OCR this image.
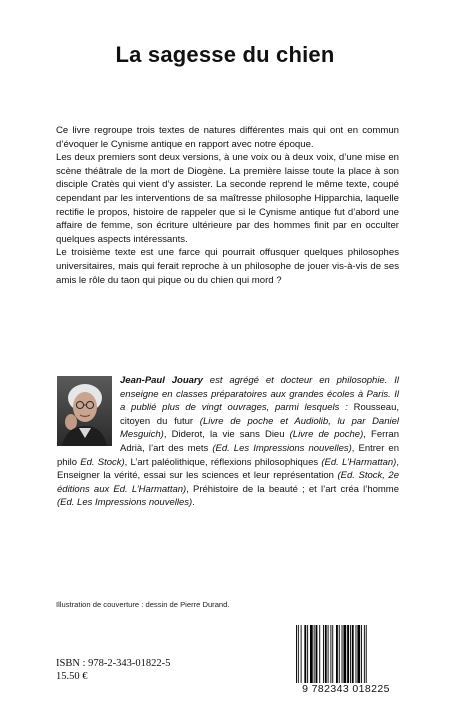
La sagesse du chien

Ce livre regroupe trois textes de natures différentes mais qui ont en commun d’évoquer le Cynisme antique en rapport avec notre époque.

Les deux premiers sont deux versions, à une voix ou à deux voix, d’une mise en scène théâtrale de la mort de Diogène. La première laisse toute la place à son disciple Cratès qui vient d’y assister. La seconde reprend le même texte, coupé cependant par les interventions de sa maîtresse philosophe Hipparchia, laquelle rectifie le propos, histoire de rappeler que si le Cynisme antique fut d’abord une affaire de femme, son écriture ultérieure par des hommes finit par en occulter quelques aspects intéressants.

Le troisième texte est une farce qui pourrait offusquer quelques philosophes universitaires, mais qui ferait reproche à un philosophe de jouer vis-à-vis de ses amis le rôle du taon qui pique ou du chien qui mord ?

Jean-Paul Jouary est agrégé et docteur en philosophie. Il enseigne en classes préparatoires aux grandes écoles à Paris. Il a publié plus de vingt ouvrages, parmi lesquels : Rousseau, citoyen du futur (Livre de poche et Audiolib, lu par Daniel Mesguich), Diderot, la vie sans Dieu (Livre de poche), Ferran Adrià, l’art des mets (Ed. Les Impressions nouvelles), Entrer en philo Ed. Stock), L’art paléolithique, réflexions philosophiques (Ed. L’Harmattan), Enseigner la vérité, essai sur les sciences et leur représentation (Ed. Stock, 2e éditions aux Ed. L’Harmattan), Préhistoire de la beauté ; et l’art créa l’homme (Ed. Les Impressions nouvelles).
Illustration de couverture : dessin de Pierre Durand.
ISBN : 978-2-343-01822-5
15.50 €
9 782343 018225
